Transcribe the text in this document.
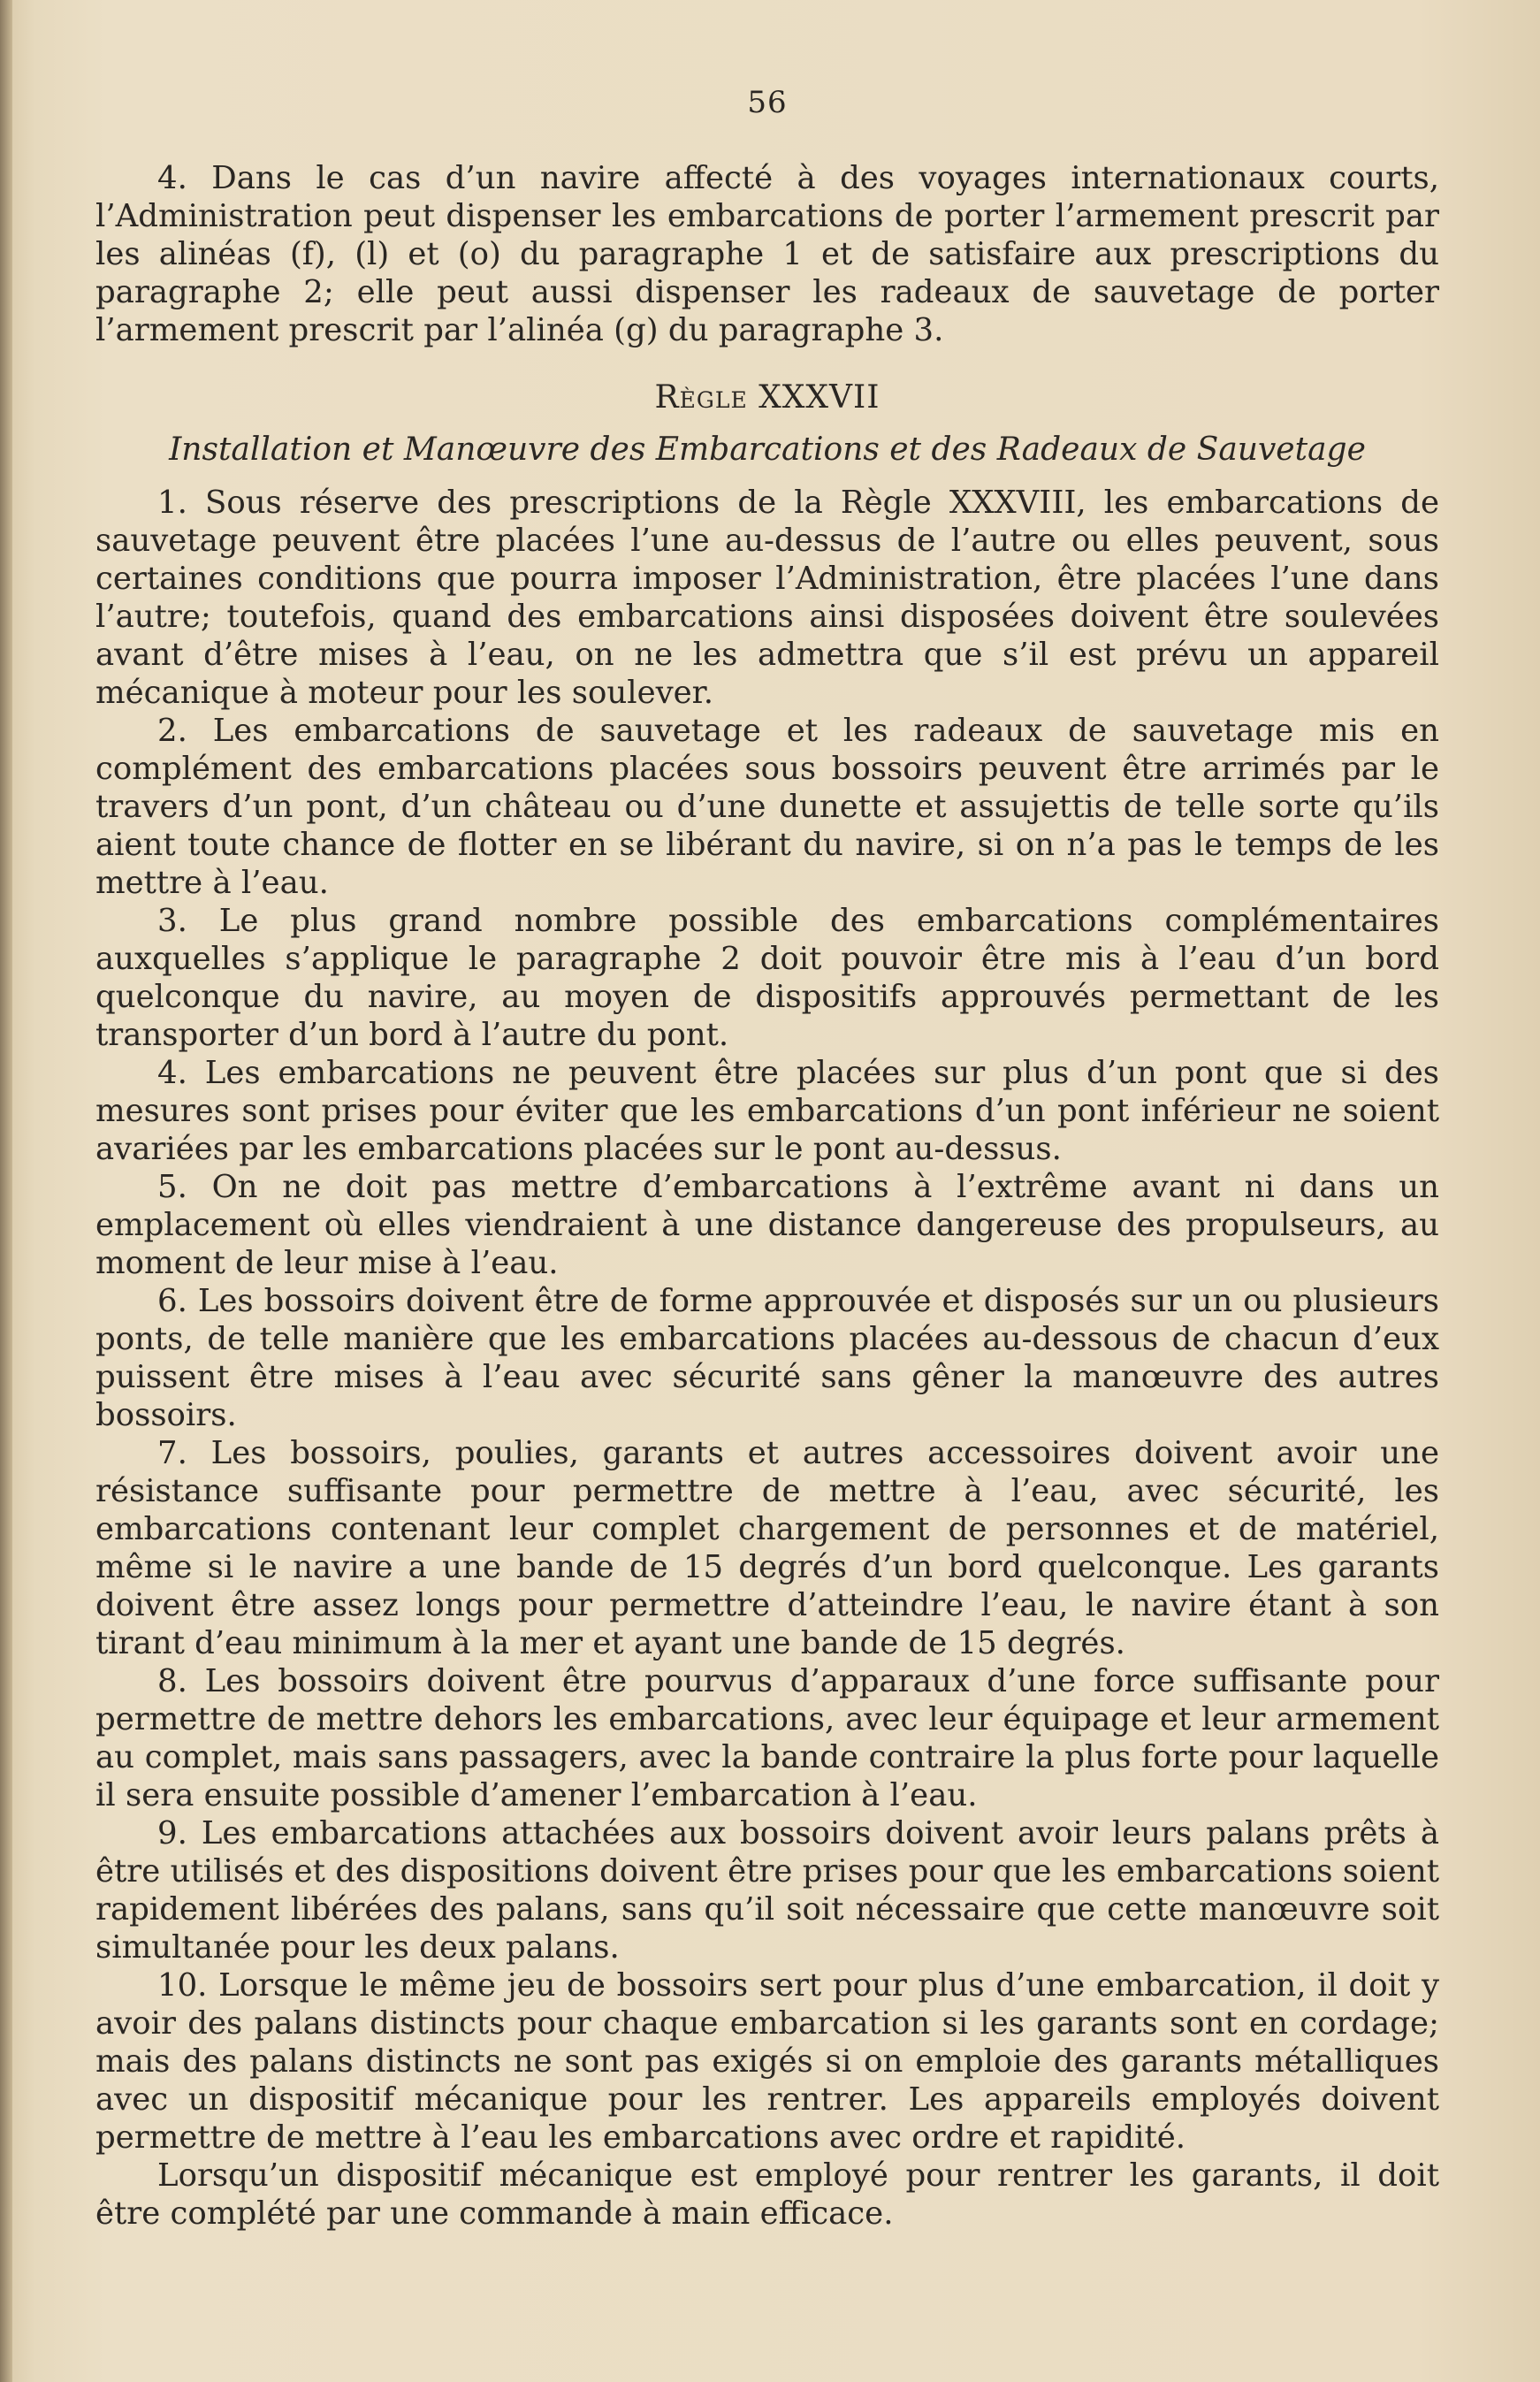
56

4. Dans le cas d’un navire affecté à des voyages internationaux courts, l’Administration peut dispenser les embarcations de porter l’armement prescrit par les alinéas (f), (l) et (o) du paragraphe 1 et de satisfaire aux prescriptions du paragraphe 2; elle peut aussi dispenser les radeaux de sauvetage de porter l’armement prescrit par l’alinéa (g) du paragraphe 3.

Règle XXXVII
Installation et Manœuvre des Embarcations et des Radeaux de Sauvetage

1. Sous réserve des prescriptions de la Règle XXXVIII, les embarcations de sauvetage peuvent être placées l’une au-dessus de l’autre ou elles peuvent, sous certaines conditions que pourra imposer l’Administration, être placées l’une dans l’autre; toutefois, quand des embarcations ainsi disposées doivent être soulevées avant d’être mises à l’eau, on ne les admettra que s’il est prévu un appareil mécanique à moteur pour les soulever.

2. Les embarcations de sauvetage et les radeaux de sauvetage mis en complément des embarcations placées sous bossoirs peuvent être arrimés par le travers d’un pont, d’un château ou d’une dunette et assujettis de telle sorte qu’ils aient toute chance de flotter en se libérant du navire, si on n’a pas le temps de les mettre à l’eau.

3. Le plus grand nombre possible des embarcations complémentaires auxquelles s’applique le paragraphe 2 doit pouvoir être mis à l’eau d’un bord quelconque du navire, au moyen de dispositifs approuvés permettant de les transporter d’un bord à l’autre du pont.

4. Les embarcations ne peuvent être placées sur plus d’un pont que si des mesures sont prises pour éviter que les embarcations d’un pont inférieur ne soient avariées par les embarcations placées sur le pont au-dessus.

5. On ne doit pas mettre d’embarcations à l’extrême avant ni dans un emplacement où elles viendraient à une distance dangereuse des propulseurs, au moment de leur mise à l’eau.

6. Les bossoirs doivent être de forme approuvée et disposés sur un ou plusieurs ponts, de telle manière que les embarcations placées au-dessous de chacun d’eux puissent être mises à l’eau avec sécurité sans gêner la manœuvre des autres bossoirs.

7. Les bossoirs, poulies, garants et autres accessoires doivent avoir une résistance suffisante pour permettre de mettre à l’eau, avec sécurité, les embarcations contenant leur complet chargement de personnes et de matériel, même si le navire a une bande de 15 degrés d’un bord quelconque. Les garants doivent être assez longs pour permettre d’atteindre l’eau, le navire étant à son tirant d’eau minimum à la mer et ayant une bande de 15 degrés.

8. Les bossoirs doivent être pourvus d’apparaux d’une force suffisante pour permettre de mettre dehors les embarcations, avec leur équipage et leur armement au complet, mais sans passagers, avec la bande contraire la plus forte pour laquelle il sera ensuite possible d’amener l’embarcation à l’eau.

9. Les embarcations attachées aux bossoirs doivent avoir leurs palans prêts à être utilisés et des dispositions doivent être prises pour que les embarcations soient rapidement libérées des palans, sans qu’il soit nécessaire que cette manœuvre soit simultanée pour les deux palans.

10. Lorsque le même jeu de bossoirs sert pour plus d’une embarcation, il doit y avoir des palans distincts pour chaque embarcation si les garants sont en cordage; mais des palans distincts ne sont pas exigés si on emploie des garants métalliques avec un dispositif mécanique pour les rentrer. Les appareils employés doivent permettre de mettre à l’eau les embarcations avec ordre et rapidité.

Lorsqu’un dispositif mécanique est employé pour rentrer les garants, il doit être complété par une commande à main efficace.
